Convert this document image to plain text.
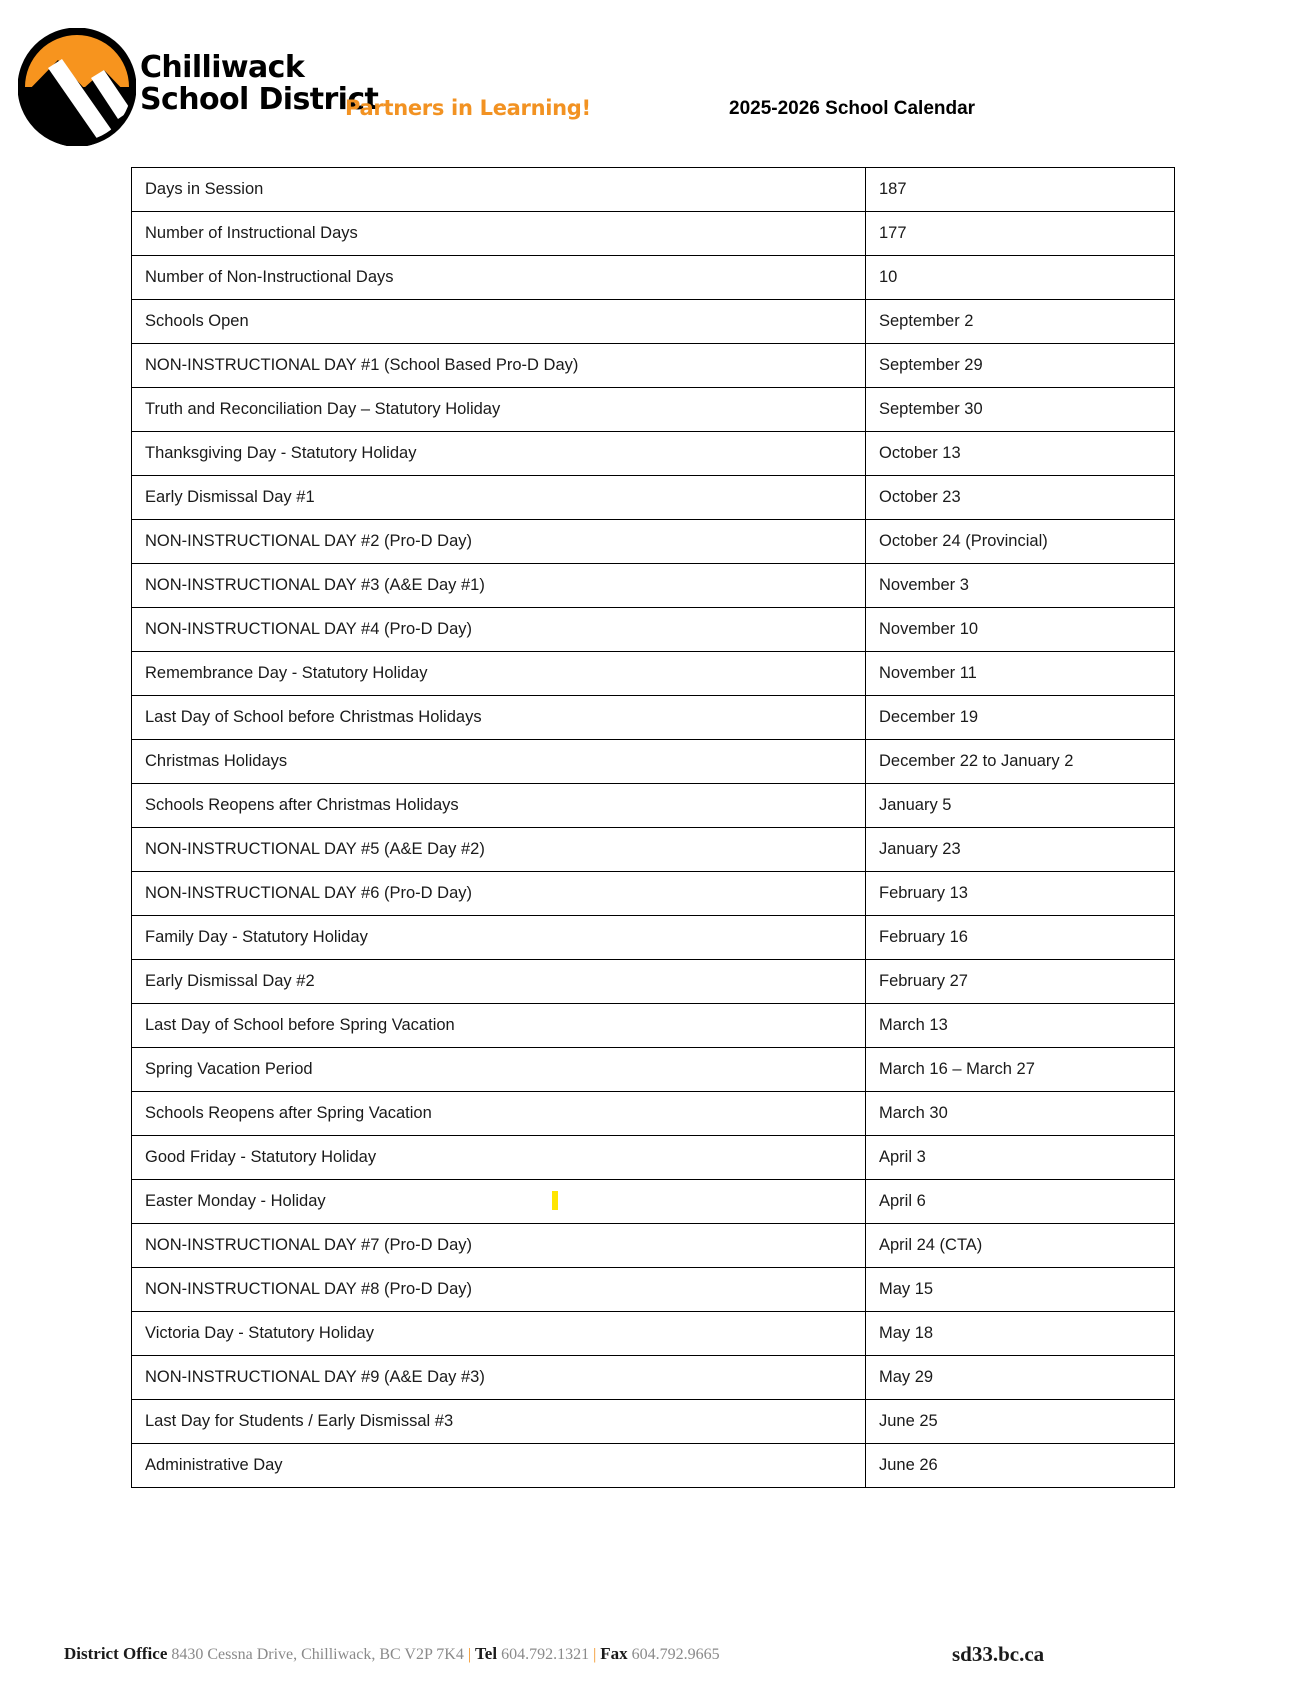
Chilliwack
School District
Partners in Learning!	2025-2026 School Calendar
Days in Session	187
Number of Instructional Days	177
Number of Non-Instructional Days	10
Schools Open	September 2
NON-INSTRUCTIONAL DAY #1 (School Based Pro-D Day)	September 29
Truth and Reconciliation Day – Statutory Holiday	September 30
Thanksgiving Day - Statutory Holiday	October 13
Early Dismissal Day #1	October 23
NON-INSTRUCTIONAL DAY #2 (Pro-D Day)	October 24 (Provincial)
NON-INSTRUCTIONAL DAY #3 (A&E Day #1)	November 3
NON-INSTRUCTIONAL DAY #4 (Pro-D Day)	November 10
Remembrance Day - Statutory Holiday	November 11
Last Day of School before Christmas Holidays	December 19
Christmas Holidays	December 22 to January 2
Schools Reopens after Christmas Holidays	January 5
NON-INSTRUCTIONAL DAY #5 (A&E Day #2)	January 23
NON-INSTRUCTIONAL DAY #6 (Pro-D Day)	February 13
Family Day - Statutory Holiday	February 16
Early Dismissal Day #2	February 27
Last Day of School before Spring Vacation	March 13
Spring Vacation Period	March 16 – March 27
Schools Reopens after Spring Vacation	March 30
Good Friday - Statutory Holiday	April 3
Easter Monday - Holiday	April 6
NON-INSTRUCTIONAL DAY #7 (Pro-D Day)	April 24 (CTA)
NON-INSTRUCTIONAL DAY #8 (Pro-D Day)	May 15
Victoria Day - Statutory Holiday	May 18
NON-INSTRUCTIONAL DAY #9 (A&E Day #3)	May 29
Last Day for Students / Early Dismissal #3	June 25
Administrative Day	June 26
District Office 8430 Cessna Drive, Chilliwack, BC V2P 7K4 | Tel 604.792.1321 | Fax 604.792.9665	sd33.bc.ca
